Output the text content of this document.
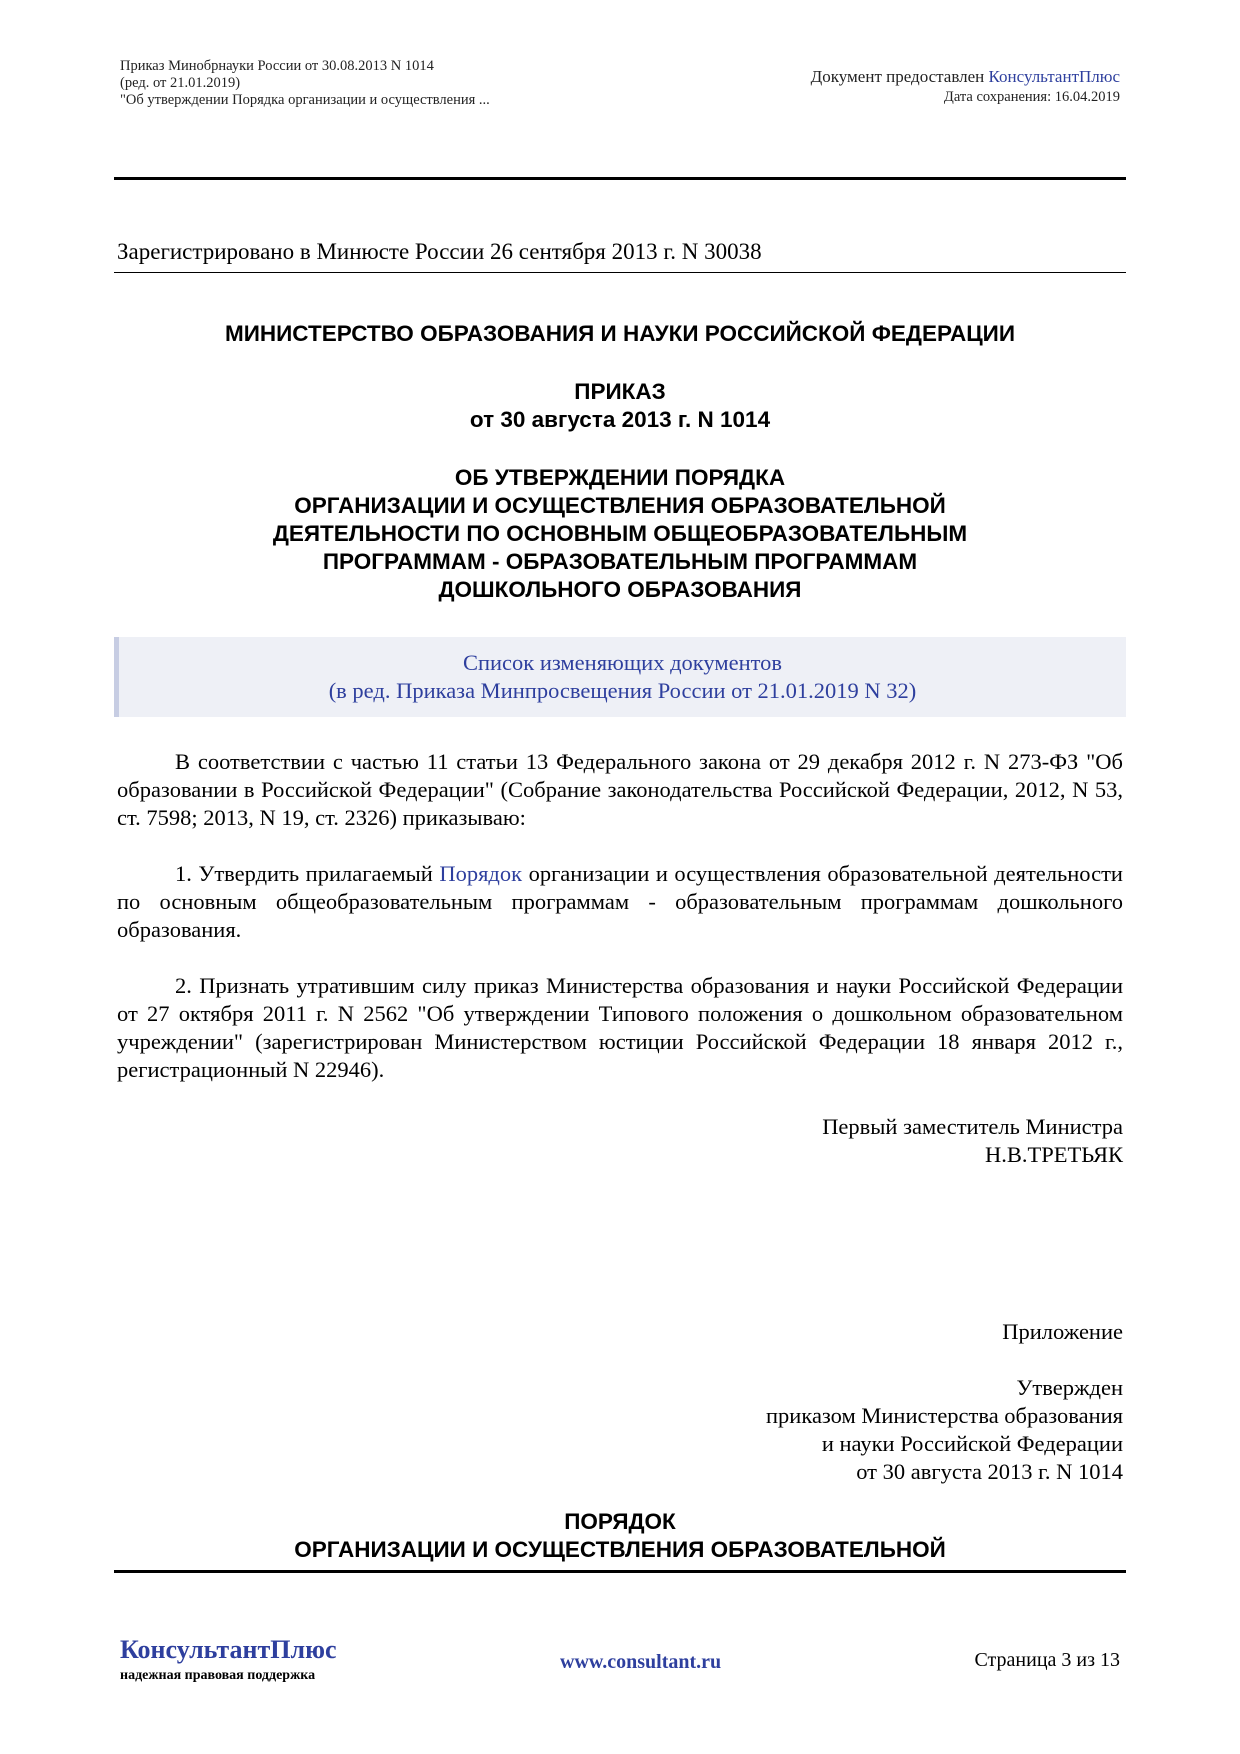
Приказ Минобрнауки России от 30.08.2013 N 1014
(ред. от 21.01.2019)
"Об утверждении Порядка организации и осуществления ...
Документ предоставлен КонсультантПлюс
Дата сохранения: 16.04.2019
Зарегистрировано в Минюсте России 26 сентября 2013 г. N 30038
МИНИСТЕРСТВО ОБРАЗОВАНИЯ И НАУКИ РОССИЙСКОЙ ФЕДЕРАЦИИ
ПРИКАЗ
от 30 августа 2013 г. N 1014
ОБ УТВЕРЖДЕНИИ ПОРЯДКА
ОРГАНИЗАЦИИ И ОСУЩЕСТВЛЕНИЯ ОБРАЗОВАТЕЛЬНОЙ
ДЕЯТЕЛЬНОСТИ ПО ОСНОВНЫМ ОБЩЕОБРАЗОВАТЕЛЬНЫМ
ПРОГРАММАМ - ОБРАЗОВАТЕЛЬНЫМ ПРОГРАММАМ
ДОШКОЛЬНОГО ОБРАЗОВАНИЯ
Список изменяющих документов
(в ред. Приказа Минпросвещения России от 21.01.2019 N 32)
В соответствии с частью 11 статьи 13 Федерального закона от 29 декабря 2012 г. N 273-ФЗ "Об образовании в Российской Федерации" (Собрание законодательства Российской Федерации, 2012, N 53, ст. 7598; 2013, N 19, ст. 2326) приказываю:
1. Утвердить прилагаемый Порядок организации и осуществления образовательной деятельности по основным общеобразовательным программам - образовательным программам дошкольного образования.
2. Признать утратившим силу приказ Министерства образования и науки Российской Федерации от 27 октября 2011 г. N 2562 "Об утверждении Типового положения о дошкольном образовательном учреждении" (зарегистрирован Министерством юстиции Российской Федерации 18 января 2012 г., регистрационный N 22946).
Первый заместитель Министра
Н.В.ТРЕТЬЯК
Приложение
Утвержден
приказом Министерства образования
и науки Российской Федерации
от 30 августа 2013 г. N 1014
ПОРЯДОК
ОРГАНИЗАЦИИ И ОСУЩЕСТВЛЕНИЯ ОБРАЗОВАТЕЛЬНОЙ
КонсультантПлюс
надежная правовая поддержка
www.consultant.ru	Страница 3 из 13
